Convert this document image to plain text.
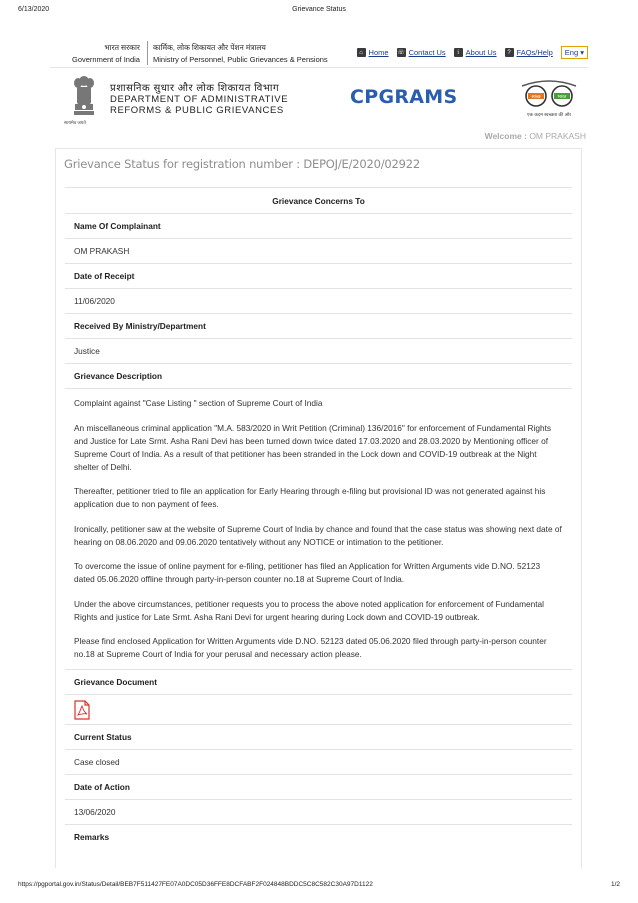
6/13/2020	Grievance Status
भारत सरकार
Government of India
कार्मिक, लोक शिकायत और पेंशन मंत्रालय
Ministry of Personnel, Public Grievances & Pensions
⌂ Home ☏ Contact Us	i About Us	? FAQs/Help	Eng ▾
सत्यमेव जयते
प्रशासनिक सुधार और लोक शिकायत विभाग
DEPARTMENT OF ADMINISTRATIVE
REFORMS & PUBLIC GRIEVANCES
CPGRAMS	स्वच्छ	भारत
एक कदम स्वच्छता की ओर
Welcome : OM PRAKASH
Grievance Status for registration number : DEPOJ/E/2020/02922
Grievance Concerns To
Name Of Complainant
OM PRAKASH
Date of Receipt
11/06/2020
Received By Ministry/Department
Justice
Grievance Description

Complaint against "Case Listing " section of Supreme Court of India

An miscellaneous criminal application "M.A. 583/2020 in Writ Petition (Criminal) 136/2016" for enforcement of Fundamental Rights and Justice for Late Srmt. Asha Rani Devi has been turned down twice dated 17.03.2020 and 28.03.2020 by Mentioning officer of Supreme Court of India. As a result of that petitioner has been stranded in the Lock down and COVID-19 outbreak at the Night shelter of Delhi.

Thereafter, petitioner tried to file an application for Early Hearing through e-filing but provisional ID was not generated against his application due to non payment of fees.

Ironically, petitioner saw at the website of Supreme Court of India by chance and found that the case status was showing next date of hearing on 08.06.2020 and 09.06.2020 tentatively without any NOTICE or intimation to the petitioner.

To overcome the issue of online payment for e-filing, petitioner has filed an Application for Written Arguments vide D.NO. 52123 dated 05.06.2020 offline through party-in-person counter no.18 at Supreme Court of India.

Under the above circumstances, petitioner requests you to process the above noted application for enforcement of Fundamental Rights and justice for Late Srmt. Asha Rani Devi for urgent hearing during Lock down and COVID-19 outbreak.

Please find enclosed Application for Written Arguments vide D.NO. 52123 dated 05.06.2020 filed through party-in-person counter no.18 at Supreme Court of India for your perusal and necessary action please.

Grievance Document
Current Status
Case closed
Date of Action
13/06/2020
Remarks
https://pgportal.gov.in/Status/Detail/BEB7F511427FE07A0DC05D36FFE8DCFABF2F024848BDDC5C8C582C30A97D1122	1/2
